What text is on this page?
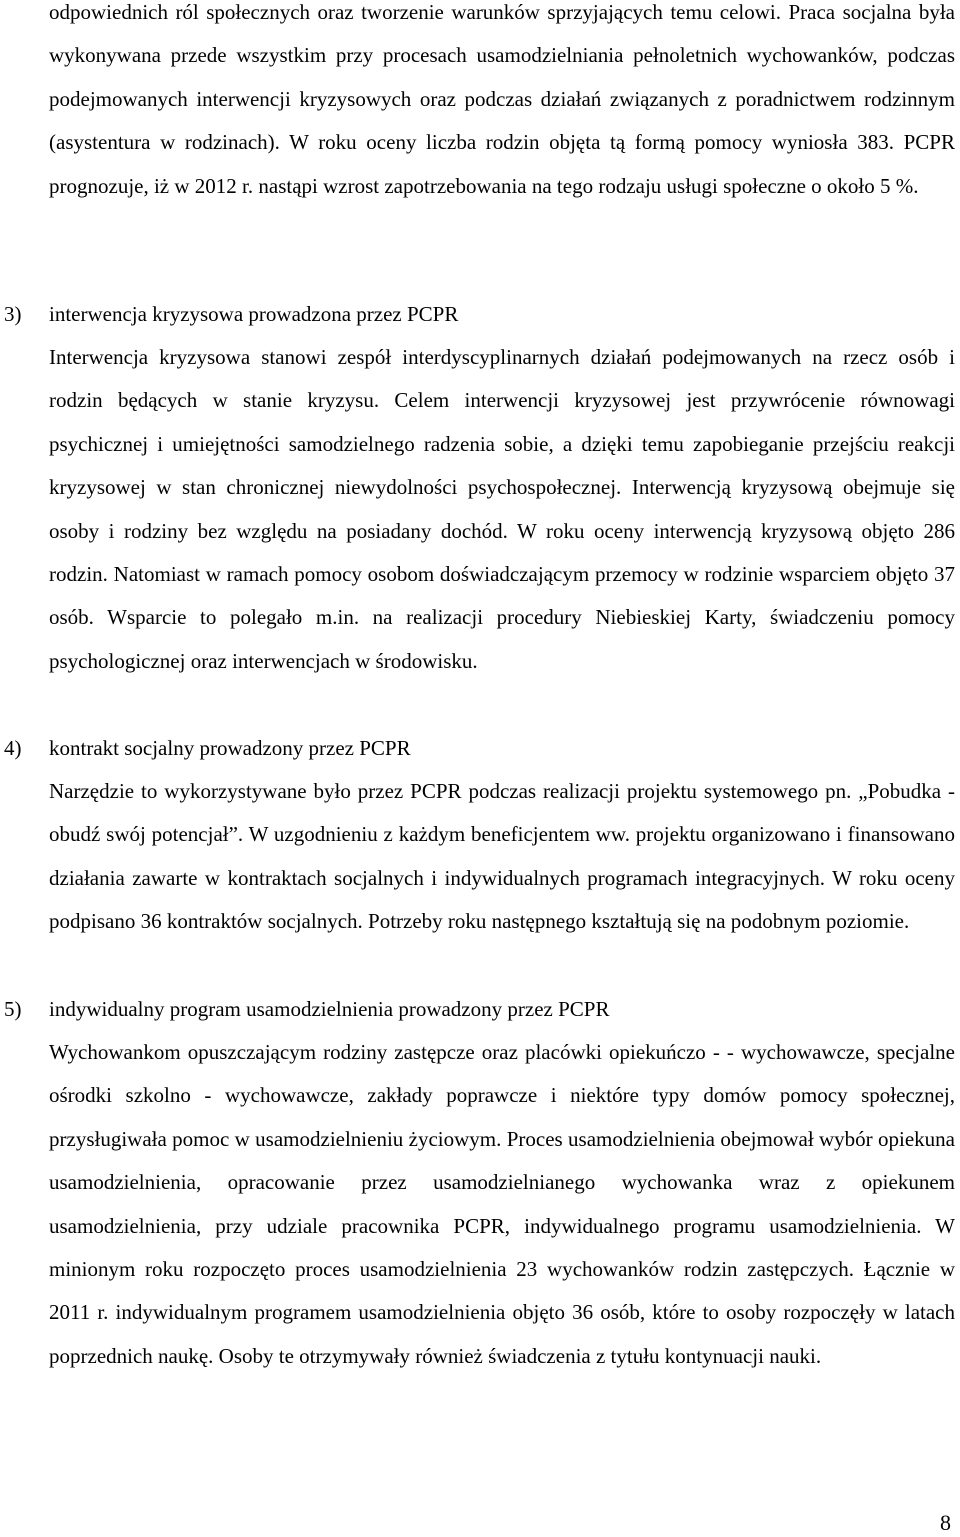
odpowiednich ról społecznych oraz tworzenie warunków sprzyjających temu celowi. Praca socjalna była wykonywana przede wszystkim przy procesach usamodzielniania pełnoletnich wychowanków, podczas podejmowanych interwencji kryzysowych oraz podczas działań związanych z poradnictwem rodzinnym (asystentura w rodzinach). W roku oceny liczba rodzin objęta tą formą pomocy wyniosła 383. PCPR prognozuje, iż w 2012 r. nastąpi wzrost zapotrzebowania na tego rodzaju usługi społeczne o około 5 %.
3) interwencja kryzysowa prowadzona przez PCPR
Interwencja kryzysowa stanowi zespół interdyscyplinarnych działań podejmowanych na rzecz osób i rodzin będących w stanie kryzysu. Celem interwencji kryzysowej jest przywrócenie równowagi psychicznej i umiejętności samodzielnego radzenia sobie, a dzięki temu zapobieganie przejściu reakcji kryzysowej w stan chronicznej niewydolności psychospołecznej. Interwencją kryzysową obejmuje się osoby i rodziny bez względu na posiadany dochód. W roku oceny interwencją kryzysową objęto 286 rodzin. Natomiast w ramach pomocy osobom doświadczającym przemocy w rodzinie wsparciem objęto 37 osób. Wsparcie to polegało m.in. na realizacji procedury Niebieskiej Karty, świadczeniu pomocy psychologicznej oraz interwencjach w środowisku.
4) kontrakt socjalny prowadzony przez PCPR
Narzędzie to wykorzystywane było przez PCPR podczas realizacji projektu systemowego pn. „Pobudka - obudź swój potencjał”. W uzgodnieniu z każdym beneficjentem ww. projektu organizowano i finansowano działania zawarte w kontraktach socjalnych i indywidualnych programach integracyjnych. W roku oceny podpisano 36 kontraktów socjalnych. Potrzeby roku następnego kształtują się na podobnym poziomie.
5) indywidualny program usamodzielnienia prowadzony przez PCPR
Wychowankom opuszczającym rodziny zastępcze oraz placówki opiekuńczo - - wychowawcze, specjalne ośrodki szkolno - wychowawcze, zakłady poprawcze i niektóre typy domów pomocy społecznej, przysługiwała pomoc w usamodzielnieniu życiowym. Proces usamodzielnienia obejmował wybór opiekuna usamodzielnienia, opracowanie przez usamodzielnianego wychowanka wraz z opiekunem usamodzielnienia, przy udziale pracownika PCPR, indywidualnego programu usamodzielnienia. W minionym roku rozpoczęto proces usamodzielnienia 23 wychowanków rodzin zastępczych. Łącznie w 2011 r. indywidualnym programem usamodzielnienia objęto 36 osób, które to osoby rozpoczęły w latach poprzednich naukę. Osoby te otrzymywały również świadczenia z tytułu kontynuacji nauki.
8
